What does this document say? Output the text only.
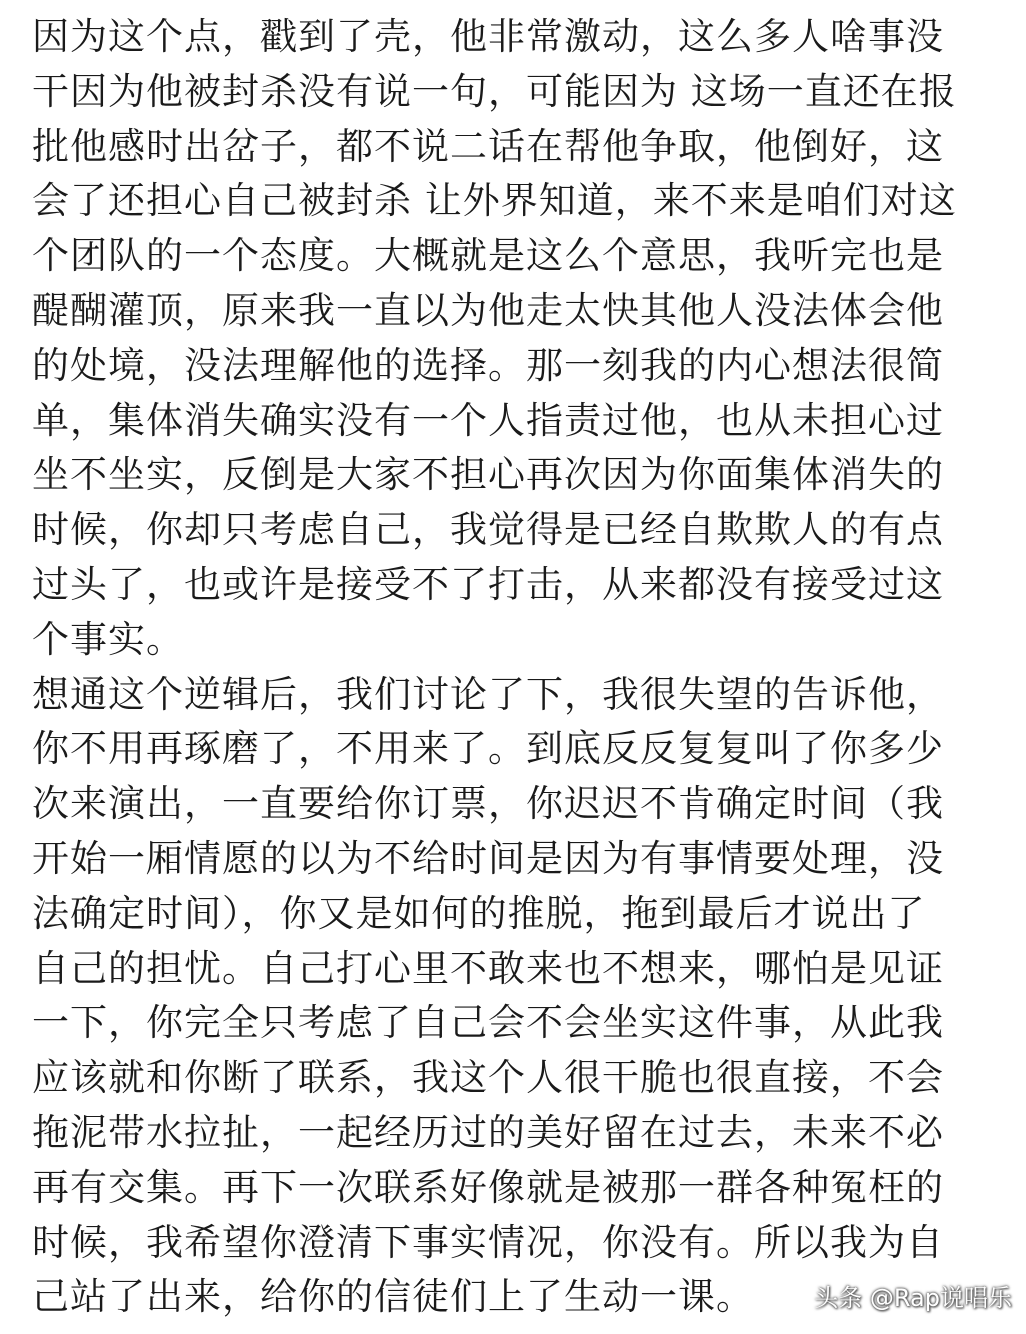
因为这个点，戳到了壳，他非常激动，这么多人啥事没
干因为他被封杀没有说一句，可能因为 这场一直还在报
批他感时出岔子，都不说二话在帮他争取，他倒好，这
会了还担心自己被封杀 让外界知道，来不来是咱们对这
个团队的一个态度。大概就是这么个意思，我听完也是
醍醐灌顶，原来我一直以为他走太快其他人没法体会他
的处境，没法理解他的选择。那一刻我的内心想法很简
单，集体消失确实没有一个人指责过他，也从未担心过
坐不坐实，反倒是大家不担心再次因为你面集体消失的
时候，你却只考虑自己，我觉得是已经自欺欺人的有点
过头了，也或许是接受不了打击，从来都没有接受过这
个事实。
想通这个逆辑后，我们讨论了下，我很失望的告诉他，
你不用再琢磨了，不用来了。到底反反复复叫了你多少
次来演出，一直要给你订票，你迟迟不肯确定时间（我
开始一厢情愿的以为不给时间是因为有事情要处理，没
法确定时间），你又是如何的推脱，拖到最后才说出了
自己的担忧。自己打心里不敢来也不想来，哪怕是见证
一下，你完全只考虑了自己会不会坐实这件事，从此我
应该就和你断了联系，我这个人很干脆也很直接，不会
拖泥带水拉扯，一起经历过的美好留在过去，未来不必
再有交集。再下一次联系好像就是被那一群各种冤枉的
时候，我希望你澄清下事实情况，你没有。所以我为自
己站了出来，给你的信徒们上了生动一课。	头条 @Rap说唱乐
